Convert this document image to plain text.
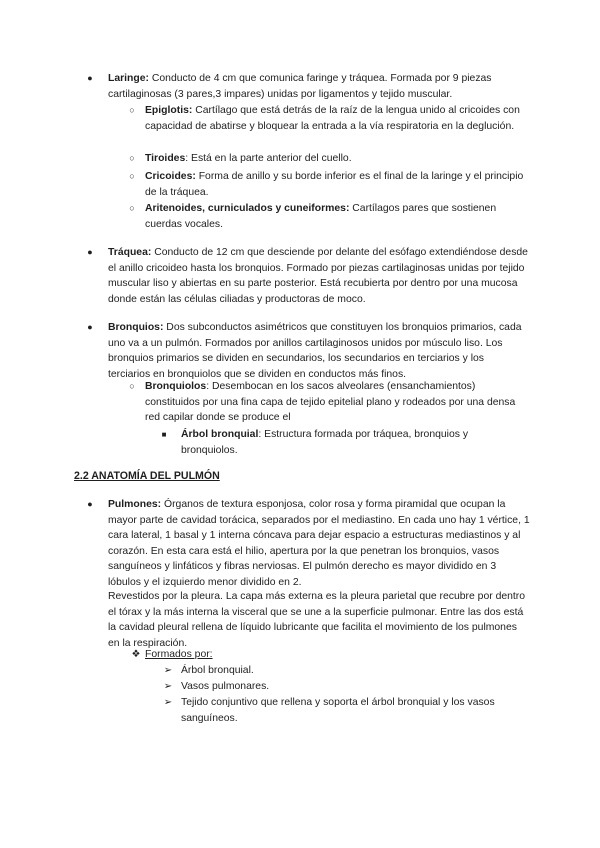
●	Laringe: Conducto de 4 cm que comunica faringe y tráquea. Formada por 9 piezas cartilaginosas (3 pares,3 impares) unidas por ligamentos y tejido muscular.
○ Epiglotis: Cartílago que está detrás de la raíz de la lengua unido al cricoides con capacidad de abatirse y bloquear la entrada a la vía respiratoria en la deglución.
○ Tiroides: Está en la parte anterior del cuello.
○ Cricoides: Forma de anillo y su borde inferior es el final de la laringe y el principio de la tráquea.
○ Aritenoides, curniculados y cuneiformes: Cartílagos pares que sostienen cuerdas vocales.
●	Tráquea: Conducto de 12 cm que desciende por delante del esófago extendiéndose desde el anillo cricoideo hasta los bronquios. Formado por piezas cartilaginosas unidas por tejido muscular liso y abiertas en su parte posterior. Está recubierta por dentro por una mucosa donde están las células ciliadas y productoras de moco.
●	Bronquios: Dos subconductos asimétricos que constituyen los bronquios primarios, cada uno va a un pulmón. Formados por anillos cartilaginosos unidos por músculo liso. Los bronquios primarios se dividen en secundarios, los secundarios en terciarios y los terciarios en bronquiolos que se dividen en conductos más finos.
○ Bronquiolos: Desembocan en los sacos alveolares (ensanchamientos) constituidos por una fina capa de tejido epitelial plano y rodeados por una densa red capilar donde se produce el
■	Árbol bronquial: Estructura formada por tráquea, bronquios y bronquiolos.
2.2 ANATOMÍA DEL PULMÓN
●	Pulmones: Órganos de textura esponjosa, color rosa y forma piramidal que ocupan la mayor parte de cavidad torácica, separados por el mediastino. En cada uno hay 1 vértice, 1 cara lateral, 1 basal y 1 interna cóncava para dejar espacio a estructuras mediastinos y al corazón. En esta cara está el hilio, apertura por la que penetran los bronquios, vasos sanguíneos y linfáticos y fibras nerviosas. El pulmón derecho es mayor dividido en 3 lóbulos y el izquierdo menor dividido en 2.
Revestidos por la pleura. La capa más externa es la pleura parietal que recubre por dentro el tórax y la más interna la visceral que se une a la superficie pulmonar. Entre las dos está la cavidad pleural rellena de líquido lubricante que facilita el movimiento de los pulmones en la respiración.
❖ Formados por:
➢ Árbol bronquial.
➢ Vasos pulmonares.
➢ Tejido conjuntivo que rellena y soporta el árbol bronquial y los vasos sanguíneos.
